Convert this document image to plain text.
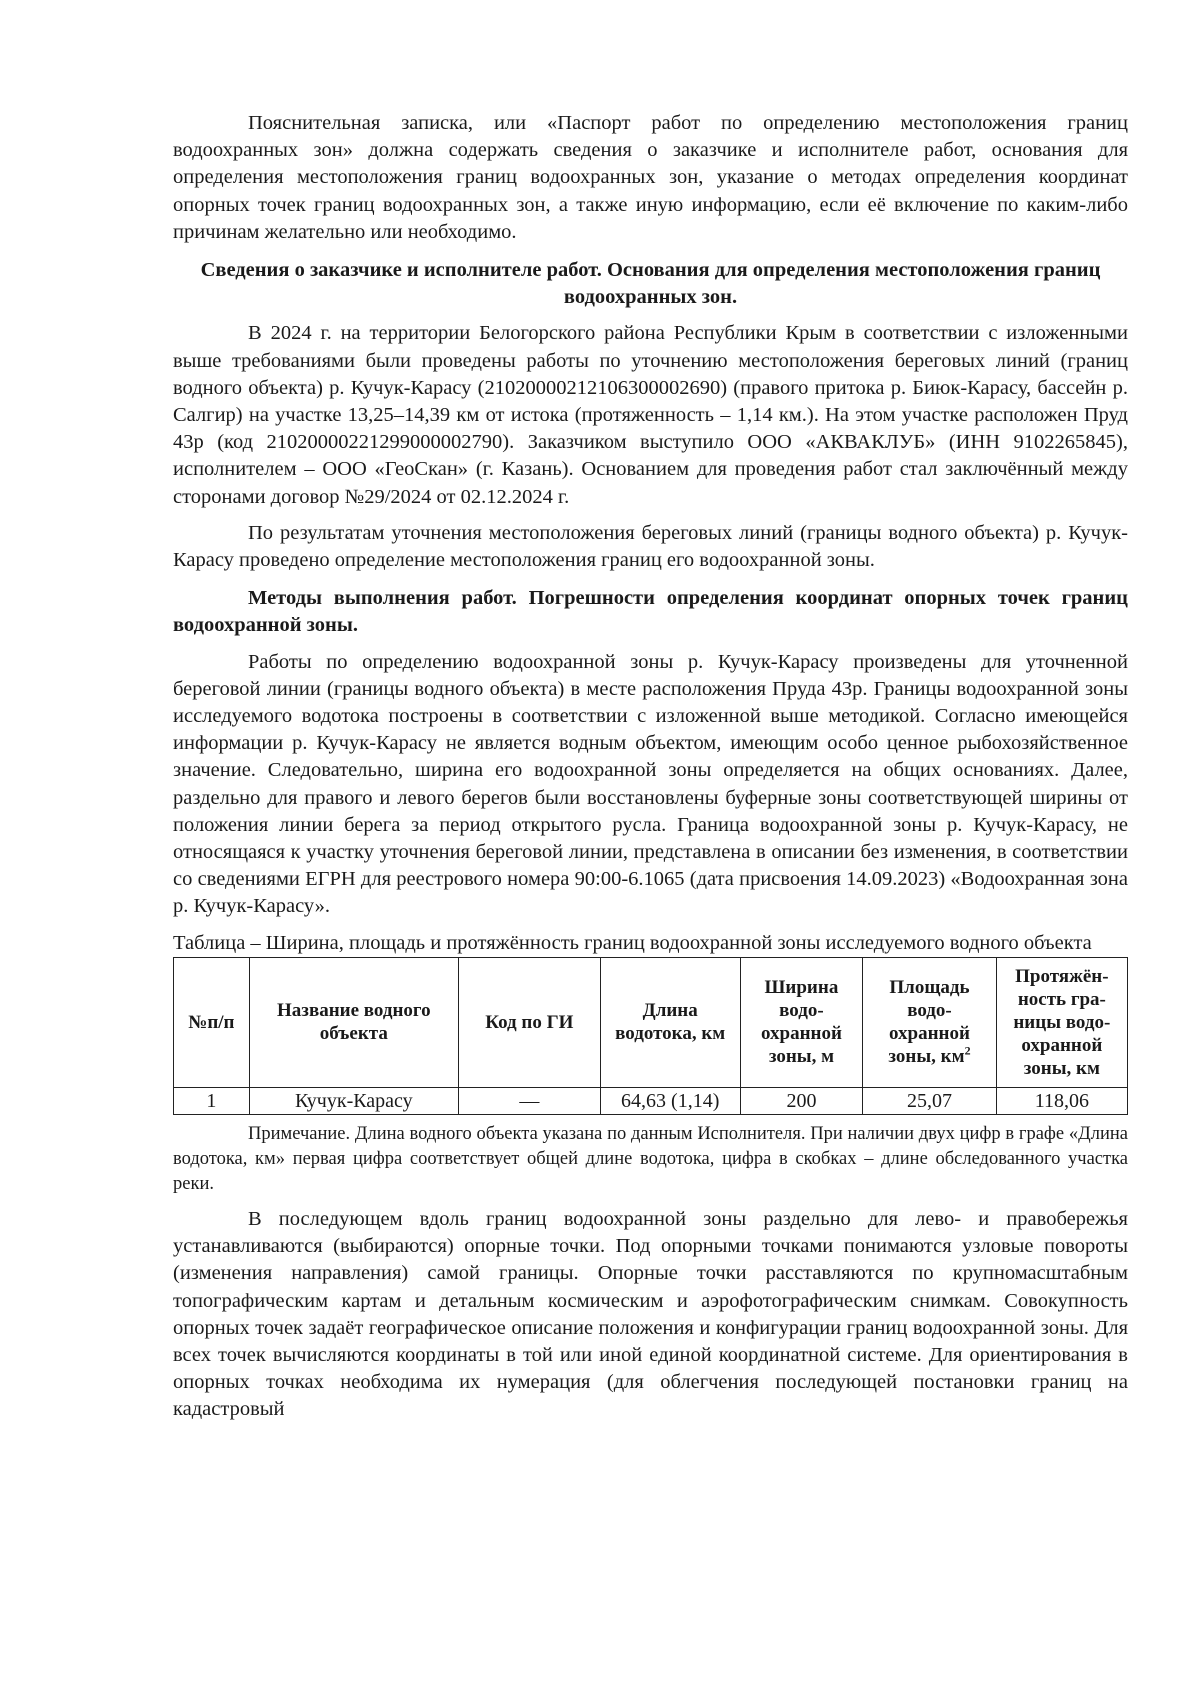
Пояснительная записка, или «Паспорт работ по определению местоположения границ водоохранных зон» должна содержать сведения о заказчике и исполнителе работ, основания для определения местоположения границ водоохранных зон, указание о методах определения координат опорных точек границ водоохранных зон, а также иную информацию, если её включение по каким-либо причинам желательно или необходимо.

Сведения о заказчике и исполнителе работ. Основания для определения местоположения границ водоохранных зон.

В 2024 г. на территории Белогорского района Республики Крым в соответствии с изложенными выше требованиями были проведены работы по уточнению местоположения береговых линий (границ водного объекта) р. Кучук-Карасу (21020000212106300002690) (правого притока р. Биюк-Карасу, бассейн р. Салгир) на участке 13,25–14,39 км от истока (протяженность – 1,14 км.). На этом участке расположен Пруд 43р (код 21020000221299000002790). Заказчиком выступило ООО «АКВАКЛУБ» (ИНН 9102265845), исполнителем – ООО «ГеоСкан» (г. Казань). Основанием для проведения работ стал заключённый между сторонами договор №29/2024 от 02.12.2024 г.

По результатам уточнения местоположения береговых линий (границы водного объекта) р. Кучук-Карасу проведено определение местоположения границ его водоохранной зоны.

Методы выполнения работ. Погрешности определения координат опорных точек границ водоохранной зоны.

Работы по определению водоохранной зоны р. Кучук-Карасу произведены для уточненной береговой линии (границы водного объекта) в месте расположения Пруда 43р. Границы водоохранной зоны исследуемого водотока построены в соответствии с изложенной выше методикой. Согласно имеющейся информации р. Кучук-Карасу не является водным объектом, имеющим особо ценное рыбохозяйственное значение. Следовательно, ширина его водоохранной зоны определяется на общих основаниях. Далее, раздельно для правого и левого берегов были восстановлены буферные зоны соответствующей ширины от положения линии берега за период открытого русла. Граница водоохранной зоны р. Кучук-Карасу, не относящаяся к участку уточнения береговой линии, представлена в описании без изменения, в соответствии со сведениями ЕГРН для реестрового номера 90:00-6.1065 (дата присвоения 14.09.2023) «Водоохранная зона р. Кучук-Карасу».

Таблица – Ширина, площадь и протяжённость границ водоохранной зоны исследуемого водного объекта

№п/п	Название водного объекта	Код по ГИ	Длина водотока, км	Ширина водо-охранной зоны, м	Площадь водо-охранной зоны, $км^2$	Протяжён-ность гра-ницы водо-охранной зоны, км
1	Кучук-Карасу	—	64,63 (1,14)	200	25,07	118,06

Примечание. Длина водного объекта указана по данным Исполнителя. При наличии двух цифр в графе «Длина водотока, км» первая цифра соответствует общей длине водотока, цифра в скобках – длине обследованного участка реки.

В последующем вдоль границ водоохранной зоны раздельно для лево- и правобережья устанавливаются (выбираются) опорные точки. Под опорными точками понимаются узловые повороты (изменения направления) самой границы. Опорные точки расставляются по крупномасштабным топографическим картам и детальным космическим и аэрофотографическим снимкам. Совокупность опорных точек задаёт географическое описание положения и конфигурации границ водоохранной зоны. Для всех точек вычисляются координаты в той или иной единой координатной системе. Для ориентирования в опорных точках необходима их нумерация (для облегчения последующей постановки границ на кадастровый
